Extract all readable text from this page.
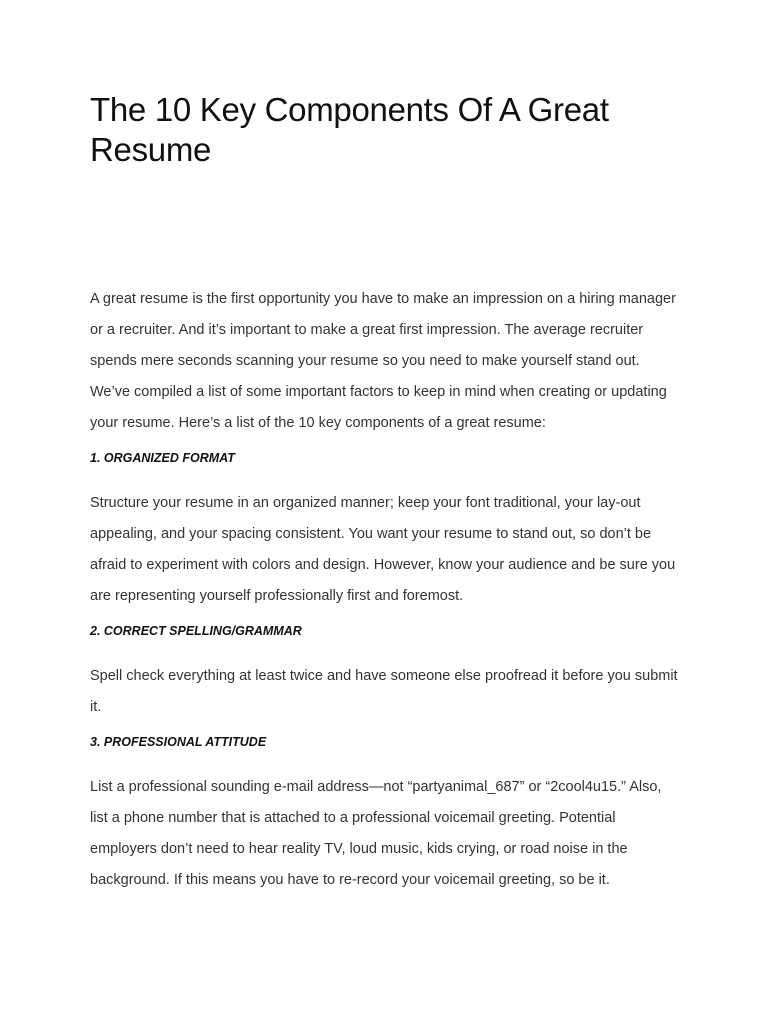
The 10 Key Components Of A Great Resume

A great resume is the first opportunity you have to make an impression on a hiring manager or a recruiter. And it’s important to make a great first impression. The average recruiter spends mere seconds scanning your resume so you need to make yourself stand out. We’ve compiled a list of some important factors to keep in mind when creating or updating your resume. Here’s a list of the 10 key components of a great resume:

1. ORGANIZED FORMAT

Structure your resume in an organized manner; keep your font traditional, your lay-out appealing, and your spacing consistent. You want your resume to stand out, so don’t be afraid to experiment with colors and design. However, know your audience and be sure you are representing yourself professionally first and foremost.

2. CORRECT SPELLING/GRAMMAR

Spell check everything at least twice and have someone else proofread it before you submit it.

3. PROFESSIONAL ATTITUDE

List a professional sounding e-mail address—not “partyanimal_687” or “2cool4u15.” Also, list a phone number that is attached to a professional voicemail greeting. Potential employers don’t need to hear reality TV, loud music, kids crying, or road noise in the background. If this means you have to re-record your voicemail greeting, so be it.
